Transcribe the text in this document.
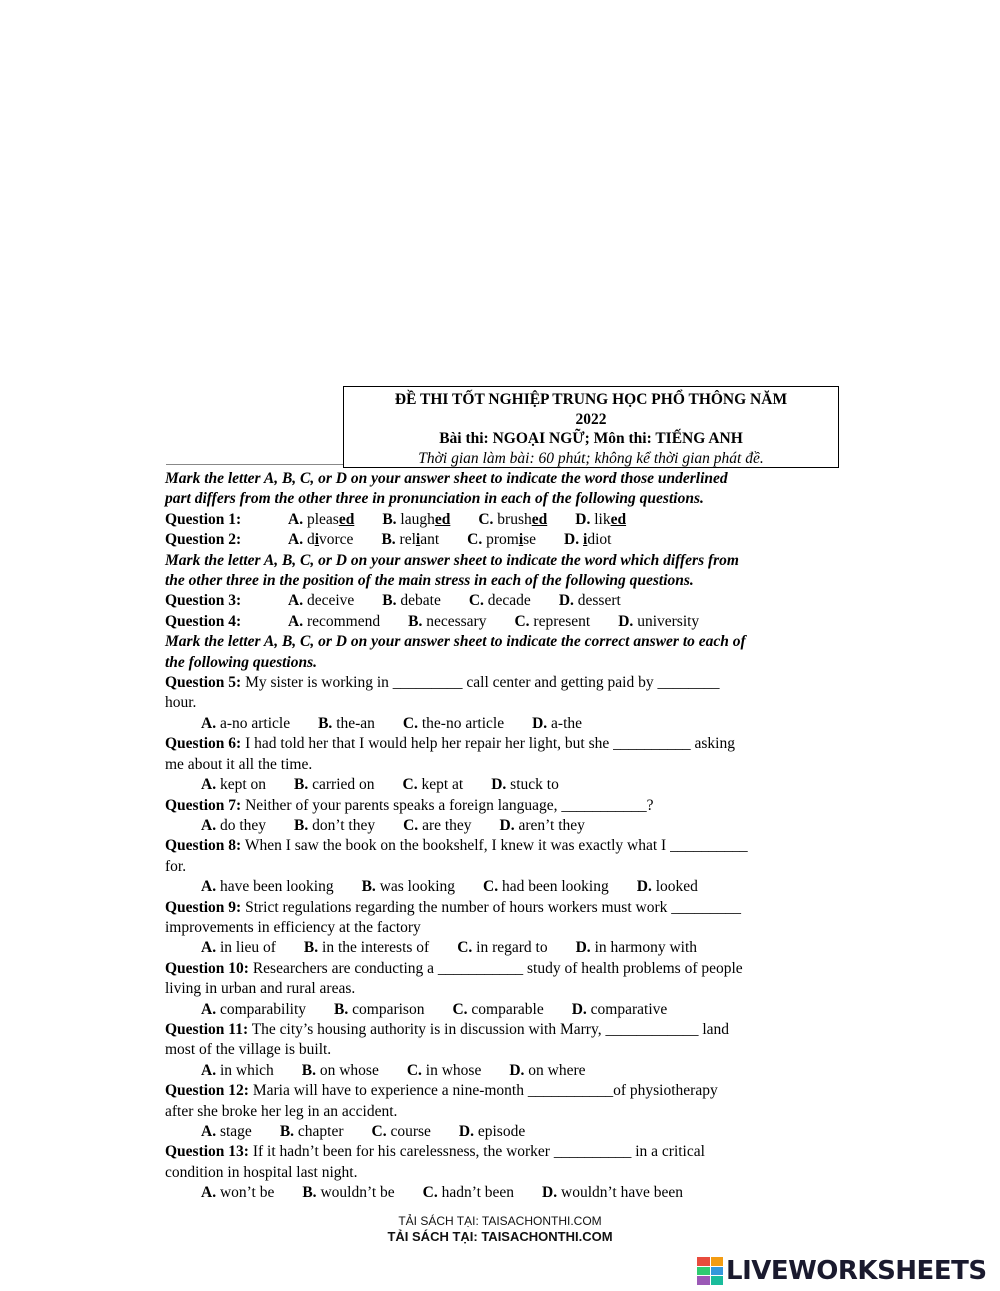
ĐỀ THI TỐT NGHIỆP TRUNG HỌC PHỔ THÔNG NĂM
2022
Bài thi: NGOẠI NGỮ; Môn thi: TIẾNG ANH
Thời gian làm bài: 60 phút; không kể thời gian phát đề.
Mark the letter A, B, C, or D on your answer sheet to indicate the word those underlined
part differs from the other three in pronunciation in each of the following questions.
Question 1:	A. pleased B. laughed C. brushed D. liked
Question 2:	A. divorce B. reliant C. promise D. idiot
Mark the letter A, B, C, or D on your answer sheet to indicate the word which differs from
the other three in the position of the main stress in each of the following questions.
Question 3:	A. deceive B. debate C. decade D. dessert
Question 4:	A. recommend B. necessary C. represent D. university
Mark the letter A, B, C, or D on your answer sheet to indicate the correct answer to each of
the following questions.
Question 5: My sister is working in _________ call center and getting paid by ________
hour.
A. a-no article B. the-an C. the-no article D. a-the
Question 6: I had told her that I would help her repair her light, but she __________ asking
me about it all the time.
A. kept on B. carried on C. kept at D. stuck to
Question 7: Neither of your parents speaks a foreign language, ___________?
A. do they B. don’t they C. are they D. aren’t they
Question 8: When I saw the book on the bookshelf, I knew it was exactly what I __________
for.
A. have been looking B. was looking C. had been looking D. looked
Question 9: Strict regulations regarding the number of hours workers must work _________
improvements in efficiency at the factory
A. in lieu of B. in the interests of C. in regard to D. in harmony with
Question 10: Researchers are conducting a ___________ study of health problems of people
living in urban and rural areas.
A. comparability B. comparison C. comparable D. comparative
Question 11: The city’s housing authority is in discussion with Marry, ____________ land
most of the village is built.
A. in which B. on whose C. in whose D. on where
Question 12: Maria will have to experience a nine-month ___________of physiotherapy
after she broke her leg in an accident.
A. stage B. chapter C. course D. episode
Question 13: If it hadn’t been for his carelessness, the worker __________ in a critical
condition in hospital last night.
A. won’t be B. wouldn’t be C. hadn’t been D. wouldn’t have been
TẢI SÁCH TẠI: TAISACHONTHI.COM
TẢI SÁCH TẠI: TAISACHONTHI.COM
LIVEWORKSHEETS
